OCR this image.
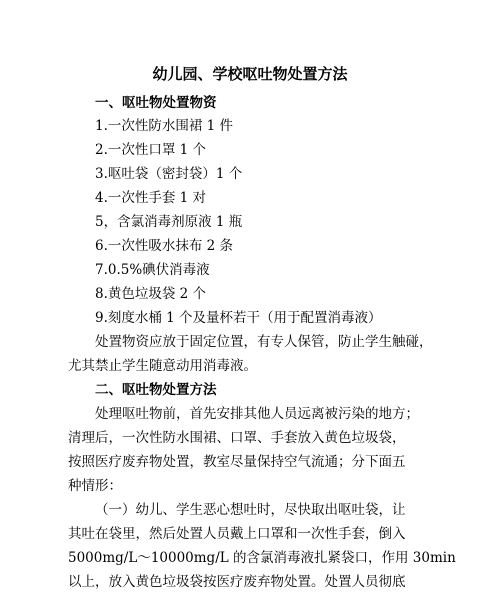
幼儿园、学校呕吐物处置方法
一、呕吐物处置物资
1.一次性防水围裙 1 件
2.一次性口罩 1 个
3.呕吐袋（密封袋）1 个
4.一次性手套 1 对
5，含氯消毒剂原液 1 瓶
6.一次性吸水抹布 2 条
7.0.5%碘伏消毒液
8.黄色垃圾袋 2 个
9.刻度水桶 1 个及量杯若干（用于配置消毒液）
处置物资应放于固定位置，有专人保管，防止学生触碰，
尤其禁止学生随意动用消毒液。
二、呕吐物处置方法
处理呕吐物前，首先安排其他人员远离被污染的地方；
清理后，一次性防水围裙、口罩、手套放入黄色垃圾袋，
按照医疗废弃物处置，教室尽量保持空气流通；分下面五
种情形：
（一）幼儿、学生恶心想吐时，尽快取出呕吐袋，让
其吐在袋里，然后处置人员戴上口罩和一次性手套，倒入
5000mg/L～10000mg/L 的含氯消毒液扎紧袋口，作用 30min
以上，放入黄色垃圾袋按医疗废弃物处置。处置人员彻底
